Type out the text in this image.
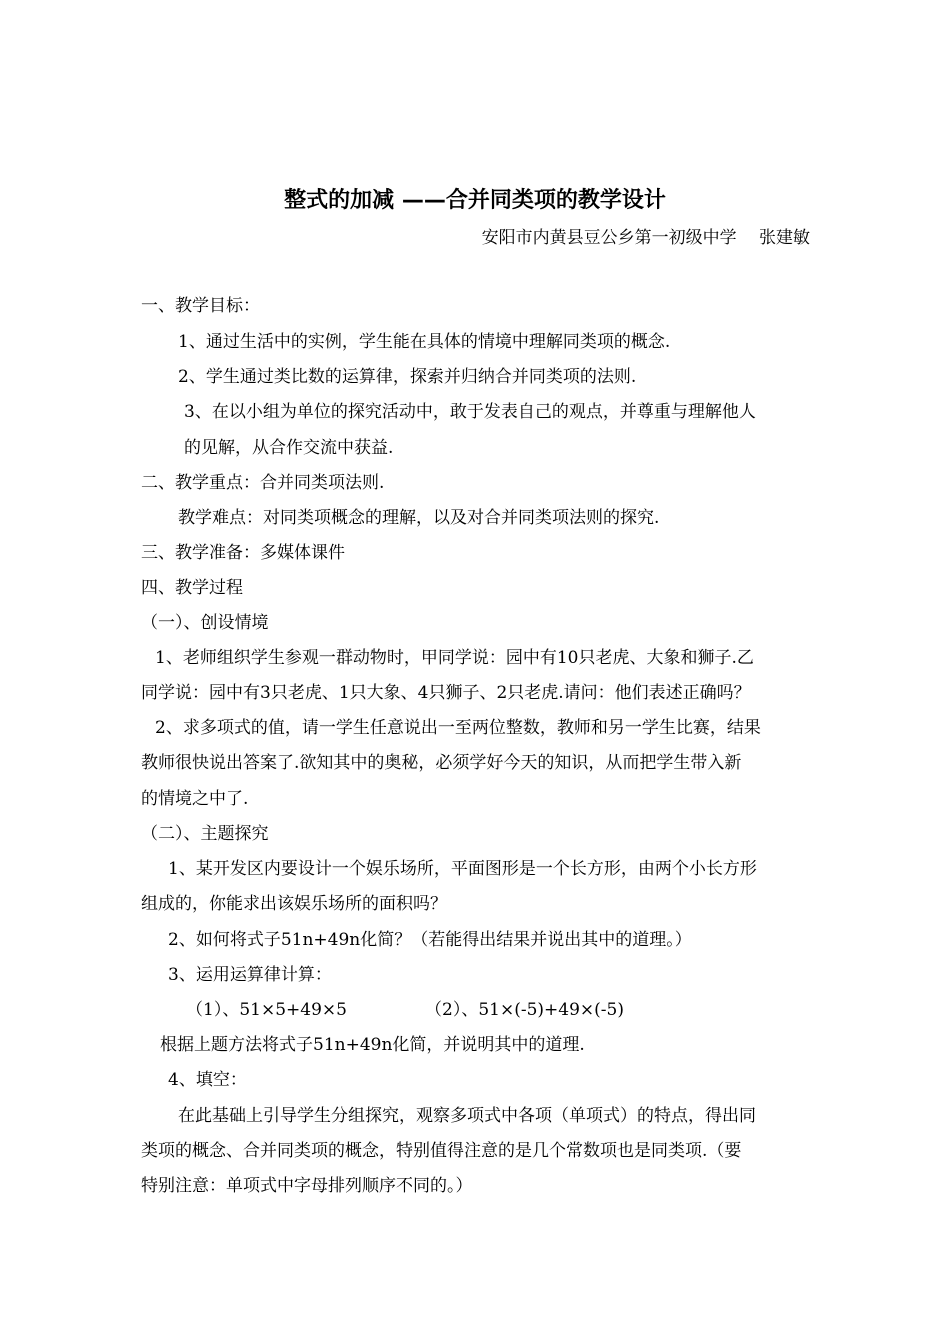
整式的加减 ——合并同类项的教学设计
安阳市内黄县豆公乡第一初级中学　 张建敏
一、教学目标：
1、通过生活中的实例，学生能在具体的情境中理解同类项的概念.
2、学生通过类比数的运算律，探索并归纳合并同类项的法则.
3、在以小组为单位的探究活动中，敢于发表自己的观点，并尊重与理解他人
的见解，从合作交流中获益.
二、教学重点：合并同类项法则.
教学难点：对同类项概念的理解，以及对合并同类项法则的探究.
三、教学准备：多媒体课件
四、教学过程
（一）、创设情境
1、老师组织学生参观一群动物时，甲同学说：园中有10只老虎、大象和狮子.乙
同学说：园中有3只老虎、1只大象、4只狮子、2只老虎.请问：他们表述正确吗？
2、求多项式的值，请一学生任意说出一至两位整数，教师和另一学生比赛，结果
教师很快说出答案了.欲知其中的奥秘，必须学好今天的知识，从而把学生带入新
的情境之中了.
（二）、主题探究
1、某开发区内要设计一个娱乐场所，平面图形是一个长方形，由两个小长方形
组成的，你能求出该娱乐场所的面积吗？
2、如何将式子51n+49n化简？（若能得出结果并说出其中的道理。）
3、运用运算律计算：
（1）、51×5+49×5	（2）、51×(-5)+49×(-5)
根据上题方法将式子51n+49n化简，并说明其中的道理.
4、填空：
在此基础上引导学生分组探究，观察多项式中各项（单项式）的特点，得出同
类项的概念、合并同类项的概念，特别值得注意的是几个常数项也是同类项.（要
特别注意：单项式中字母排列顺序不同的。）
